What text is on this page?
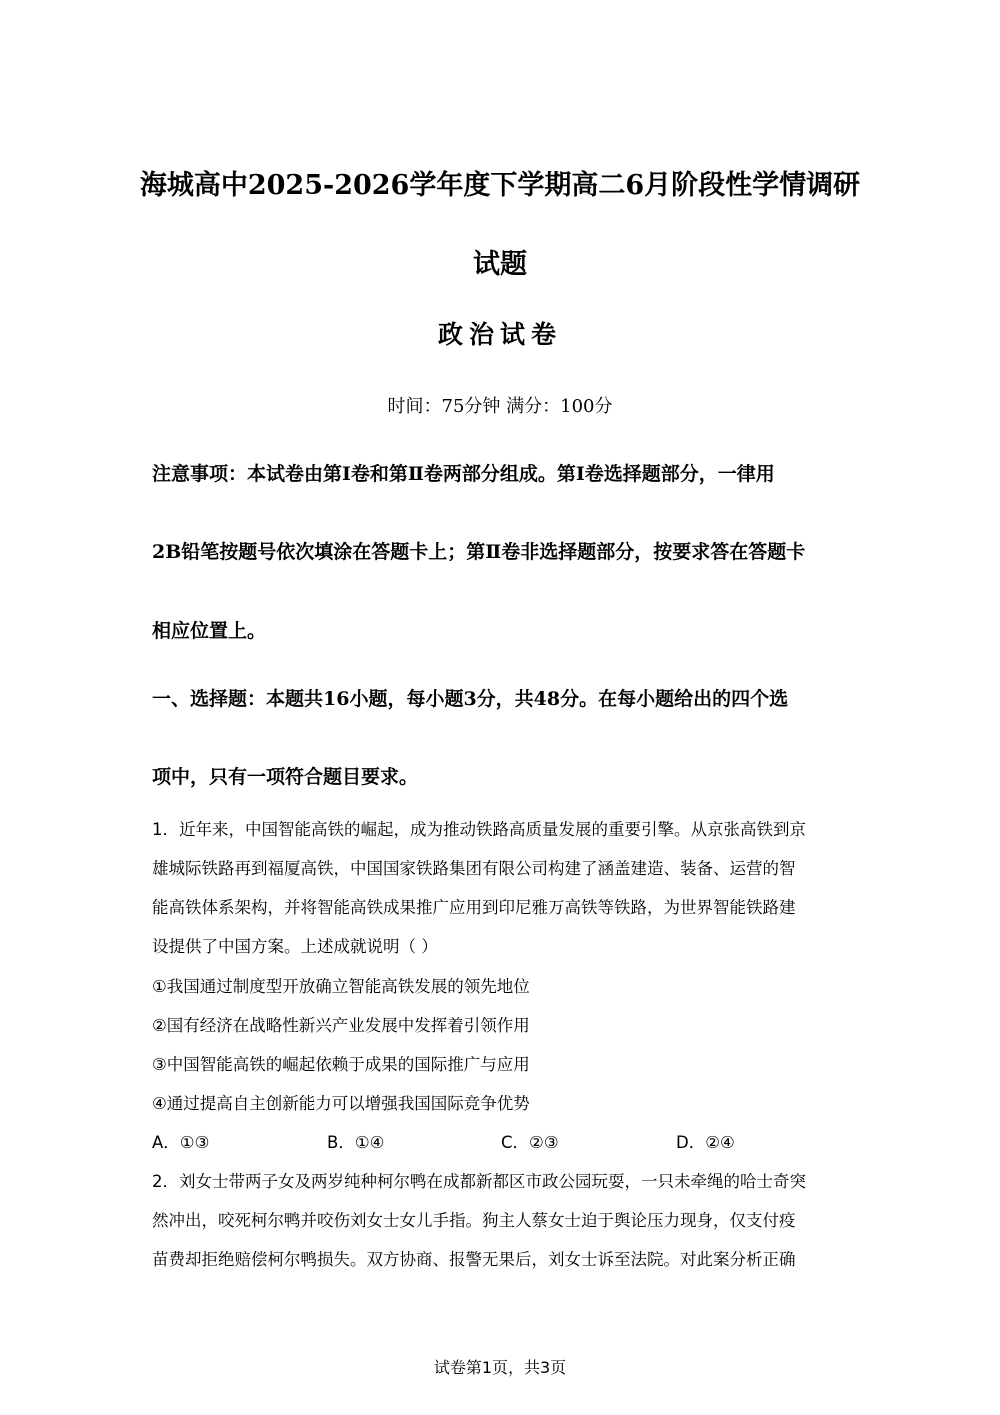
海城高中2025-2026学年度下学期高二6月阶段性学情调研
试题
政治试卷
时间：75分钟 满分：100分
注意事项：本试卷由第Ⅰ卷和第Ⅱ卷两部分组成。第Ⅰ卷选择题部分，一律用
2B铅笔按题号依次填涂在答题卡上；第Ⅱ卷非选择题部分，按要求答在答题卡
相应位置上。
一、选择题：本题共16小题，每小题3分，共48分。在每小题给出的四个选
项中，只有一项符合题目要求。
1．近年来，中国智能高铁的崛起，成为推动铁路高质量发展的重要引擎。从京张高铁到京
雄城际铁路再到福厦高铁，中国国家铁路集团有限公司构建了涵盖建造、装备、运营的智
能高铁体系架构，并将智能高铁成果推广应用到印尼雅万高铁等铁路，为世界智能铁路建
设提供了中国方案。上述成就说明（ ）
①我国通过制度型开放确立智能高铁发展的领先地位
②国有经济在战略性新兴产业发展中发挥着引领作用
③中国智能高铁的崛起依赖于成果的国际推广与应用
④通过提高自主创新能力可以增强我国国际竞争优势
A．①③	B．①④	C．②③	D．②④
2．刘女士带两子女及两岁纯种柯尔鸭在成都新都区市政公园玩耍，一只未牵绳的哈士奇突
然冲出，咬死柯尔鸭并咬伤刘女士女儿手指。狗主人蔡女士迫于舆论压力现身，仅支付疫
苗费却拒绝赔偿柯尔鸭损失。双方协商、报警无果后，刘女士诉至法院。对此案分析正确
试卷第1页，共3页
